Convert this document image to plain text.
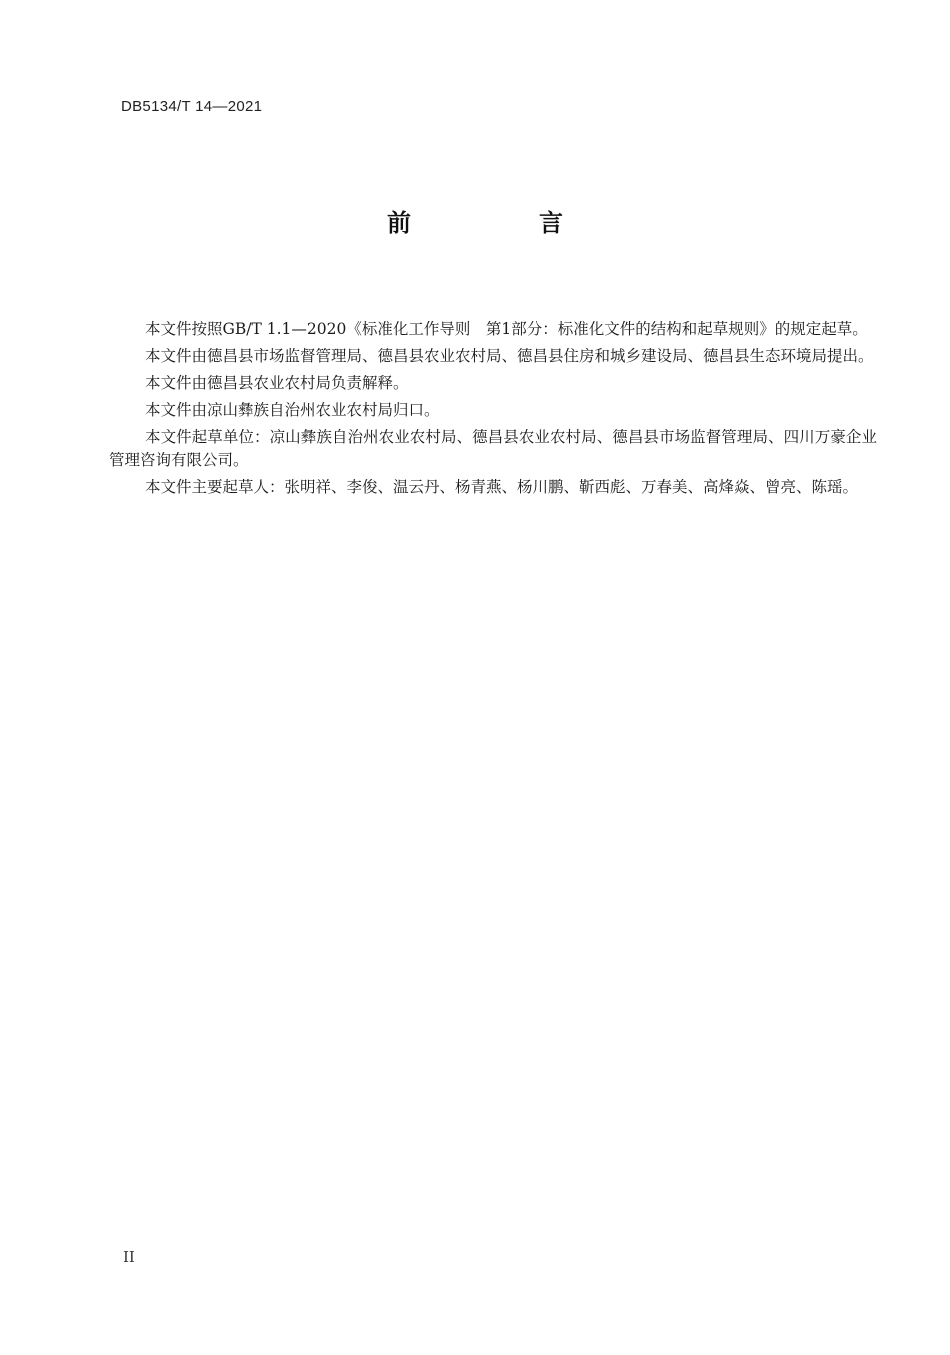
DB5134/T 14—2021
前　言

本文件按照GB/T 1.1—2020《标准化工作导则　第1部分：标准化文件的结构和起草规则》的规定起草。

本文件由德昌县市场监督管理局、德昌县农业农村局、德昌县住房和城乡建设局、德昌县生态环境局提出。

本文件由德昌县农业农村局负责解释。

本文件由凉山彝族自治州农业农村局归口。

本文件起草单位：凉山彝族自治州农业农村局、德昌县农业农村局、德昌县市场监督管理局、四川万豪企业管理咨询有限公司。

本文件主要起草人：张明祥、李俊、温云丹、杨青燕、杨川鹏、靳西彪、万春美、高烽焱、曾亮、陈瑶。

II
